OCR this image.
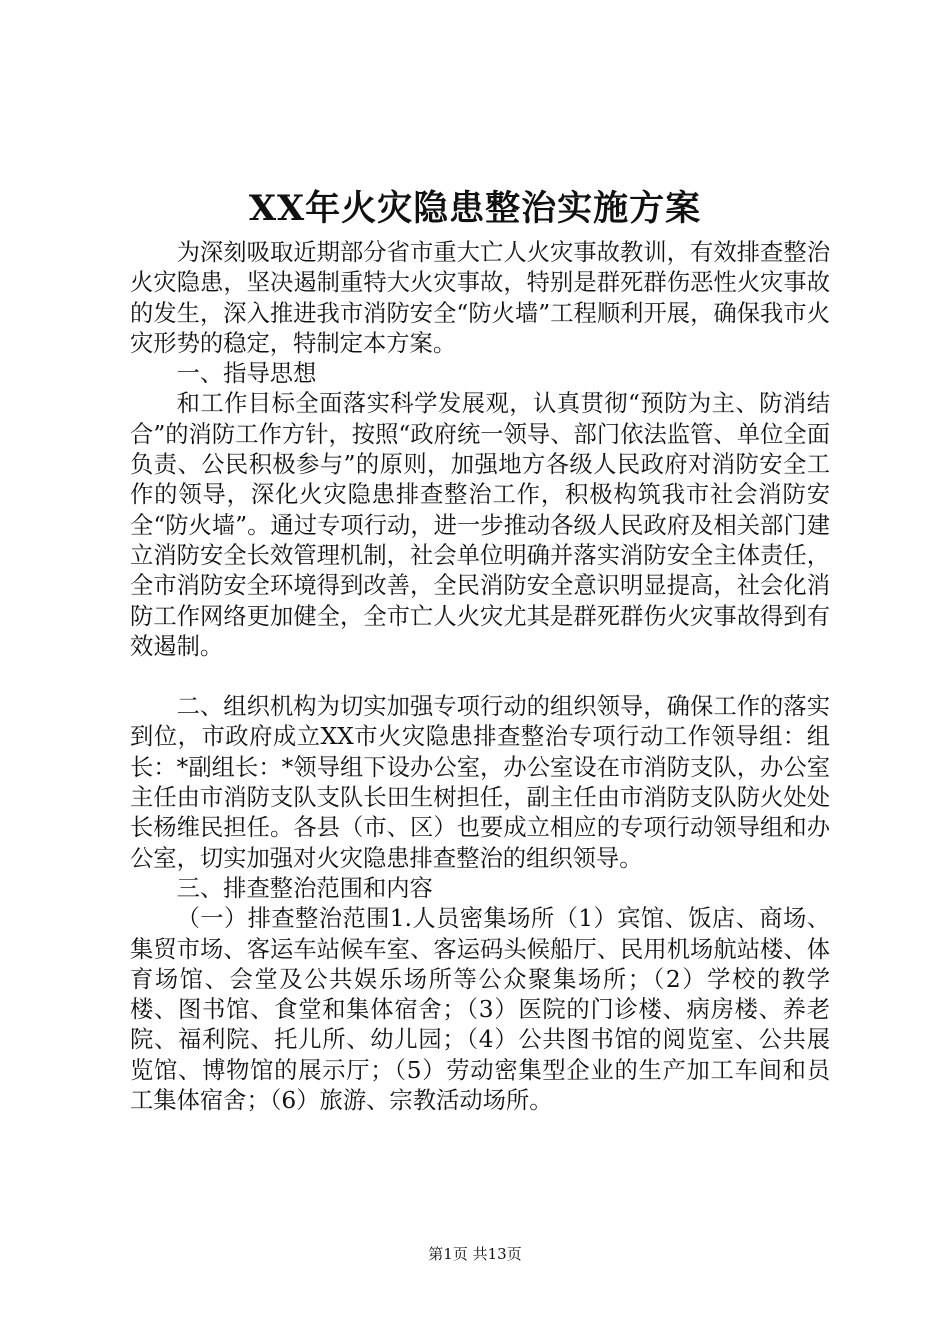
XX年火灾隐患整治实施方案

为深刻吸取近期部分省市重大亡人火灾事故教训，有效排查整治火灾隐患，坚决遏制重特大火灾事故，特别是群死群伤恶性火灾事故的发生，深入推进我市消防安全“防火墙”工程顺利开展，确保我市火灾形势的稳定，特制定本方案。

一、指导思想

和工作目标全面落实科学发展观，认真贯彻“预防为主、防消结合”的消防工作方针，按照“政府统一领导、部门依法监管、单位全面负责、公民积极参与”的原则，加强地方各级人民政府对消防安全工作的领导，深化火灾隐患排查整治工作，积极构筑我市社会消防安全“防火墙”。通过专项行动，进一步推动各级人民政府及相关部门建立消防安全长效管理机制，社会单位明确并落实消防安全主体责任，全市消防安全环境得到改善，全民消防安全意识明显提高，社会化消防工作网络更加健全，全市亡人火灾尤其是群死群伤火灾事故得到有效遏制。

二、组织机构为切实加强专项行动的组织领导，确保工作的落实到位，市政府成立XX市火灾隐患排查整治专项行动工作领导组：组长：*副组长：*领导组下设办公室，办公室设在市消防支队，办公室主任由市消防支队支队长田生树担任，副主任由市消防支队防火处处长杨维民担任。各县（市、区）也要成立相应的专项行动领导组和办公室，切实加强对火灾隐患排查整治的组织领导。

三、排查整治范围和内容

（一）排查整治范围1.人员密集场所（1）宾馆、饭店、商场、集贸市场、客运车站候车室、客运码头候船厅、民用机场航站楼、体育场馆、会堂及公共娱乐场所等公众聚集场所；（2）学校的教学楼、图书馆、食堂和集体宿舍；（3）医院的门诊楼、病房楼、养老院、福利院、托儿所、幼儿园；（4）公共图书馆的阅览室、公共展览馆、博物馆的展示厅；（5）劳动密集型企业的生产加工车间和员工集体宿舍；（6）旅游、宗教活动场所。

第1页 共13页
